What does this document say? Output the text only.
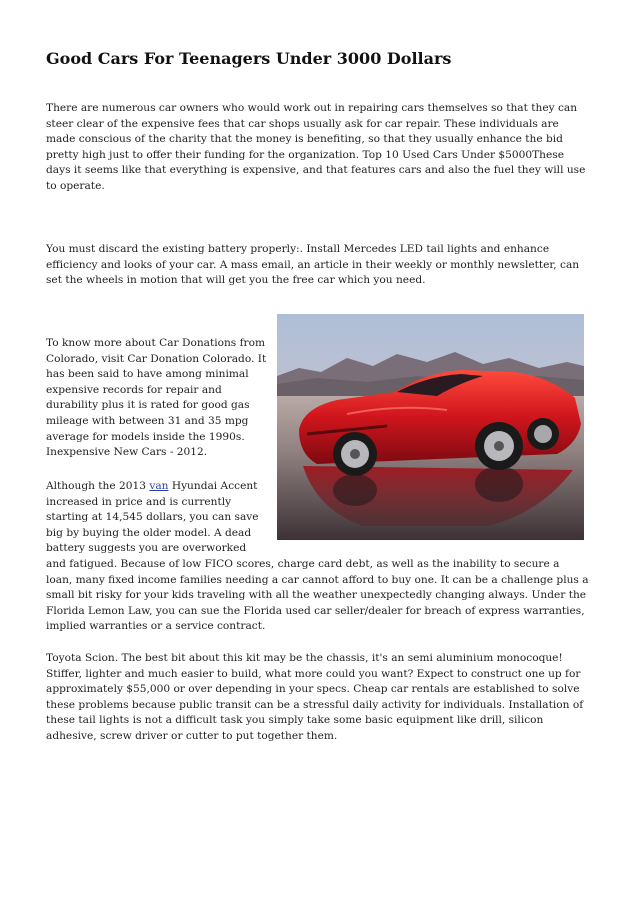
Good Cars For Teenagers Under 3000 Dollars

There are numerous car owners who would work out in repairing cars themselves so that they can
steer clear of the expensive fees that car shops usually ask for car repair. These individuals are
made conscious of the charity that the money is benefiting, so that they usually enhance the bid
pretty high just to offer their funding for the organization. Top 10 Used Cars Under $5000These
days it seems like that everything is expensive, and that features cars and also the fuel they will use
to operate.

You must discard the existing battery properly:. Install Mercedes LED tail lights and enhance
efficiency and looks of your car. A mass email, an article in their weekly or monthly newsletter, can
set the wheels in motion that will get you the free car which you need.

To know more about Car Donations from
Colorado, visit Car Donation Colorado. It
has been said to have among minimal
expensive records for repair and
durability plus it is rated for good gas
mileage with between 31 and 35 mpg
average for models inside the 1990s.
Inexpensive New Cars - 2012.

Although the 2013 van Hyundai Accent
increased in price and is currently
starting at 14,545 dollars, you can save
big by buying the older model. A dead
battery suggests you are overworked
and fatigued. Because of low FICO scores, charge card debt, as well as the inability to secure a
loan, many fixed income families needing a car cannot afford to buy one. It can be a challenge plus a
small bit risky for your kids traveling with all the weather unexpectedly changing always. Under the
Florida Lemon Law, you can sue the Florida used car seller/dealer for breach of express warranties,
implied warranties or a service contract.

Toyota Scion. The best bit about this kit may be the chassis, it's an semi aluminium monocoque!
Stiffer, lighter and much easier to build, what more could you want? Expect to construct one up for
approximately $55,000 or over depending in your specs. Cheap car rentals are established to solve
these problems because public transit can be a stressful daily activity for individuals. Installation of
these tail lights is not a difficult task you simply take some basic equipment like drill, silicon
adhesive, screw driver or cutter to put together them.
